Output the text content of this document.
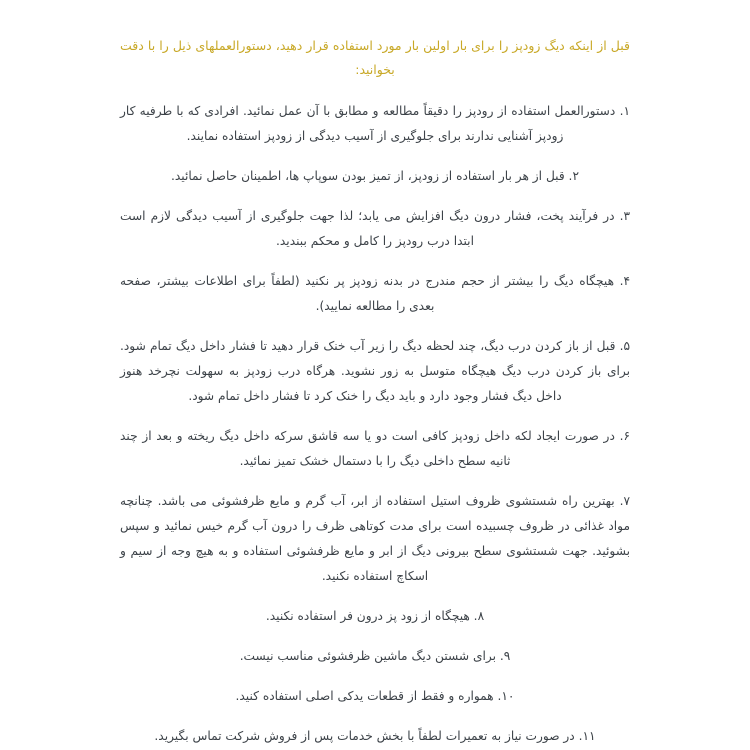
قبل از اینکه دیگ زودپز را برای بار اولین بار مورد استفاده قرار دهید، دستورالعملهای ذیل را با دقت بخوانید:

۱. دستورالعمل استفاده از رودپز را دقیقاً مطالعه و مطابق با آن عمل نمائید. افرادی که با طرفیه کار زودپز آشنایی ندارند برای جلوگیری از آسیب دیدگی از زودپز استفاده نمایند.

۲. قبل از هر بار استفاده از زودپز، از تمیز بودن سوپاپ ها، اطمینان حاصل نمائید.

۳. در فرآیند پخت، فشار درون دیگ افزایش می یابد؛ لذا جهت جلوگیری از آسیب دیدگی لازم است ابتدا درب رودپز را کامل و محکم ببندید.

۴. هیچگاه دیگ را بیشتر از حجم مندرج در بدنه زودپز پر نکنید (لطفاً برای اطلاعات بیشتر، صفحه بعدی را مطالعه نمایید).

۵. قبل از باز کردن درب دیگ، چند لحظه دیگ را زیر آب خنک قرار دهید تا فشار داخل دیگ تمام شود. برای باز کردن درب دیگ هیچگاه متوسل به زور نشوید. هرگاه درب زودپز به سهولت نچرخد هنوز داخل دیگ فشار وجود دارد و باید دیگ را خنک کرد تا فشار داخل تمام شود.

۶. در صورت ایجاد لکه داخل زودپز کافی است دو یا سه قاشق سرکه داخل دیگ ریخته و بعد از چند ثانیه سطح داخلی دیگ را با دستمال خشک تمیز نمائید.

۷. بهترین راه شستشوی ظروف استیل استفاده از ابر، آب گرم و مایع ظرفشوئی می باشد. چنانچه مواد غذائی در ظروف چسبیده است برای مدت کوتاهی ظرف را درون آب گرم خیس نمائید و سپس بشوئید. جهت شستشوی سطح بیرونی دیگ از ابر و مایع ظرفشوئی استفاده و به هیچ وجه از سیم و اسکاچ استفاده نکنید.

۸. هیچگاه از زود پز درون فر استفاده نکنید.

۹. برای شستن دیگ ماشین ظرفشوئی مناسب نیست.

۱۰. همواره و فقط از قطعات یدکی اصلی استفاده کنید.

۱۱. در صورت نیاز به تعمیرات لطفاً با بخش خدمات پس از فروش شرکت تماس بگیرید.
